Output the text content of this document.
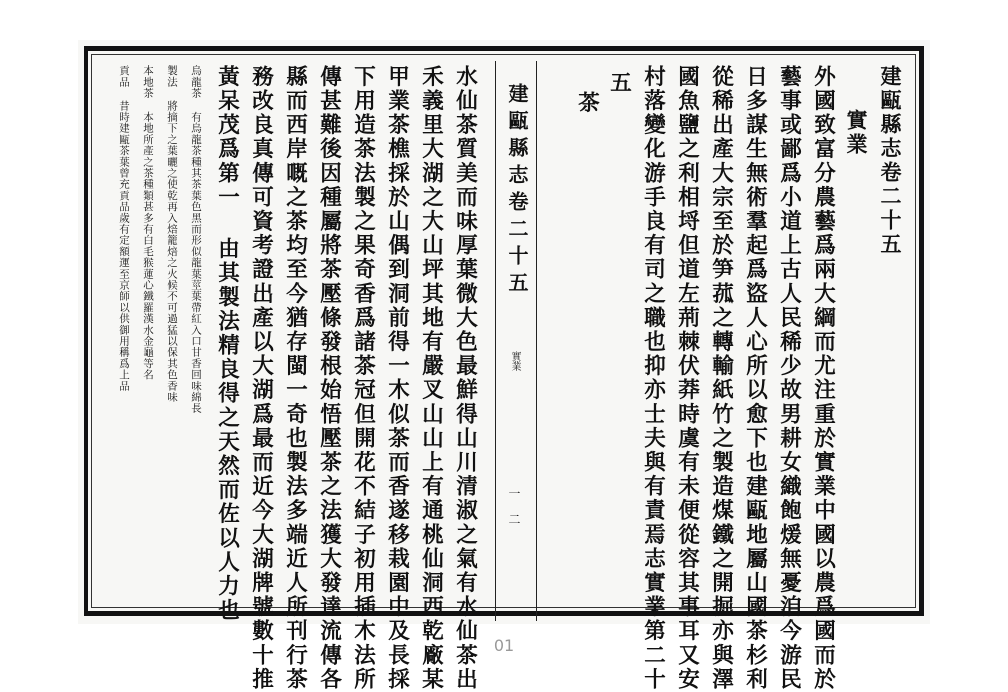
建甌縣志卷二十五
實業
外國致富分農藝爲兩大綱而尤注重於實業中國以農爲國而於
藝事或鄙爲小道上古人民稀少故男耕女織飽煖無憂洎今游民
日多謀生無術羣起爲盜人心所以愈下也建甌地屬山國茶杉利
從稀出產大宗至於笋菰之轉輸紙竹之製造煤鐵之開掘亦與澤
國魚鹽之利相埒但道左荊棘伏莽時虞有未便從容其事耳又安
村落變化游手良有司之職也抑亦士夫與有責焉志實業第二十
五
茶
建甌縣志卷二十五
實業
一二
水仙茶質美而味厚葉微大色最鮮得山川清淑之氣有水仙茶出
禾義里大湖之大山坪其地有嚴叉山山上有通桃仙洞西乾廠某
甲業茶樵採於山偶到洞前得一木似茶而香遂移栽園中及長採
下用造茶法製之果奇香爲諸茶冠但開花不結子初用插木法所
傳甚難後因種屬將茶壓條發根始悟壓茶之法獲大發達流傳各
縣而西岸嘅之茶均至今猶存閩一奇也製法多端近人所刊行茶
務改良真傳可資考證出產以大湖爲最而近今大湖牌號數十推
黃呆茂爲第一 由其製法精良得之天然而佐以人力也
烏龍茶 有烏龍茶種其茶葉色黑而形似龍葉莖葉帶紅入口甘香回味綿長
製法 將摘下之葉曬之使乾再入焙籠焙之火候不可過猛以保其色香味
本地茶 本地所產之茶種類甚多有白毛猴蓮心鐵羅漢水金龜等名
貢品 昔時建甌茶葉曾充貢品歲有定額運至京師以供御用稱爲上品
01
